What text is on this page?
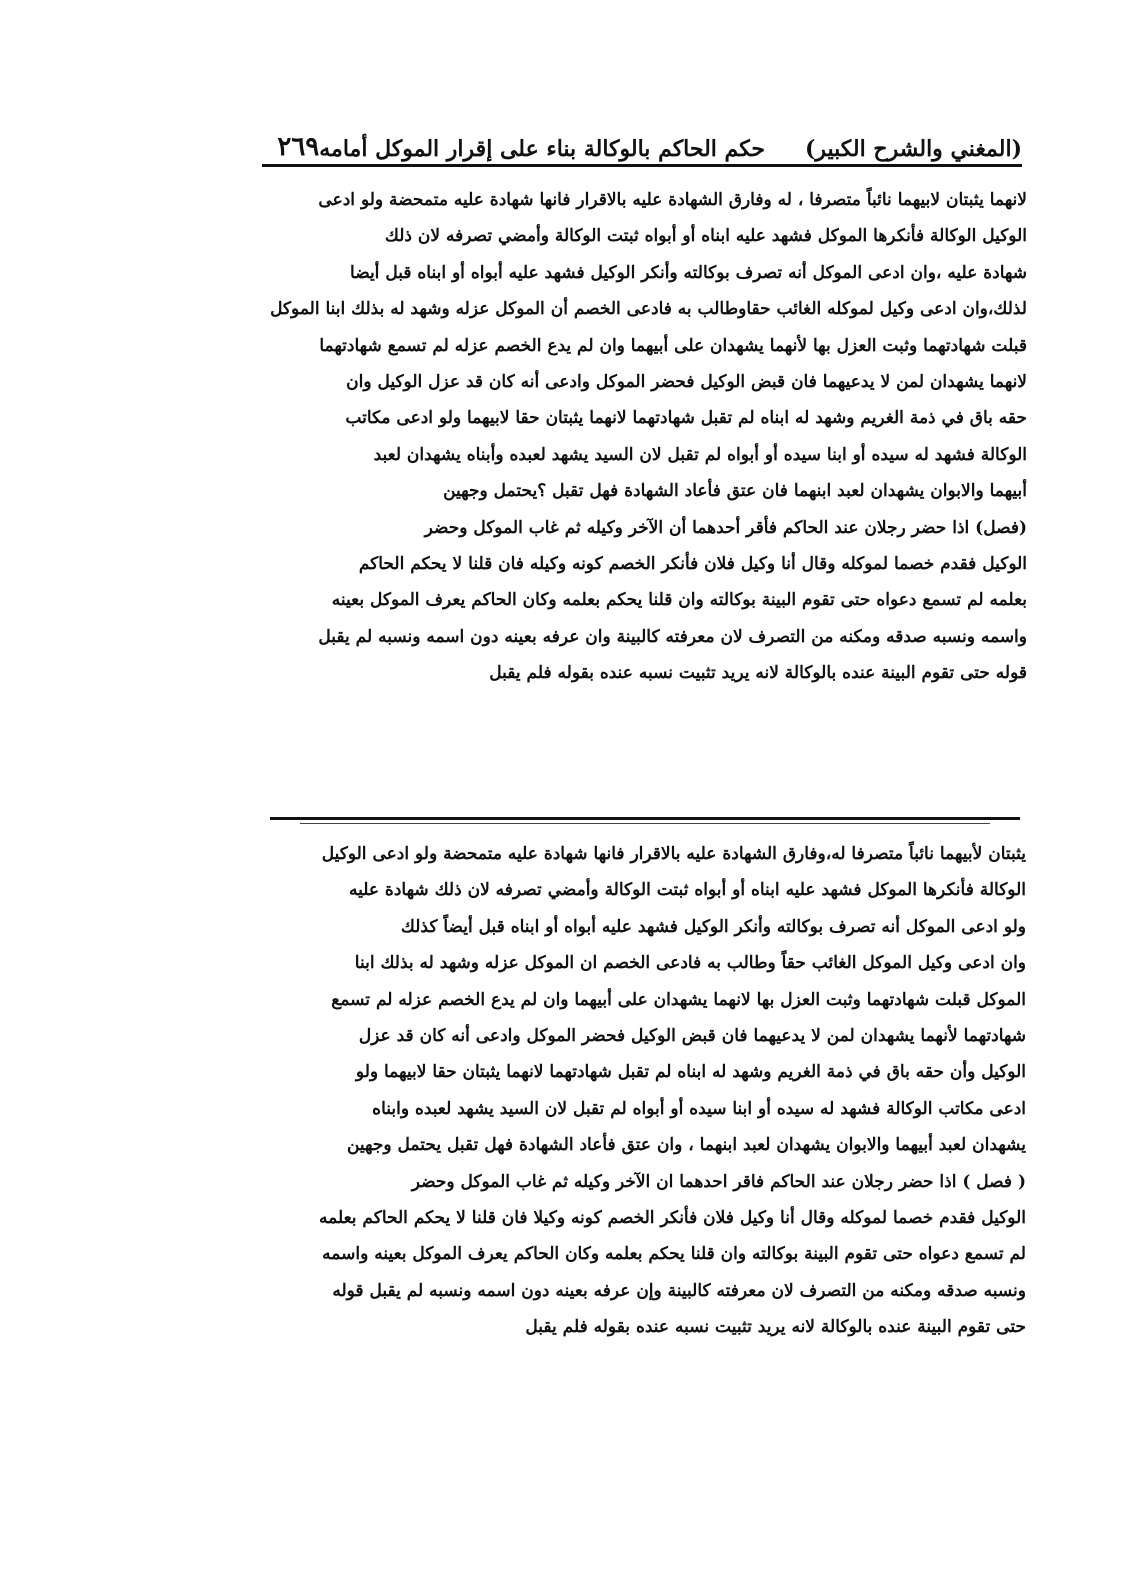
(المغني والشرح الكبير)
حكم الحاكم بالوكالة بناء على إقرار الموكل أمامه
٢٦٩
لانهما يثبتان لابيهما نائباً متصرفا ، له وفارق الشهادة عليه بالاقرار فانها شهادة عليه متمحضة ولو ادعى
الوكيل الوكالة فأنكرها الموكل فشهد عليه ابناه أو أبواه ثبتت الوكالة وأمضي تصرفه لان ذلك
شهادة عليه ،وان ادعى الموكل أنه تصرف بوكالته وأنكر الوكيل فشهد عليه أبواه أو ابناه قبل أيضا
لذلك،وان ادعى وكيل لموكله الغائب حقاوطالب به فادعى الخصم أن الموكل عزله وشهد له بذلك ابنا الموكل
قبلت شهادتهما وثبت العزل بها لأنهما يشهدان على أبيهما وان لم يدع الخصم عزله لم تسمع شهادتهما
لانهما يشهدان لمن لا يدعيهما فان قبض الوكيل فحضر الموكل وادعى أنه كان قد عزل الوكيل وان
حقه باق في ذمة الغريم وشهد له ابناه لم تقبل شهادتهما لانهما يثبتان حقا لابيهما ولو ادعى مكاتب
الوكالة فشهد له سيده أو ابنا سيده أو أبواه لم تقبل لان السيد يشهد لعبده وأبناه يشهدان لعبد
أبيهما والابوان يشهدان لعبد ابنهما فان عتق فأعاد الشهادة فهل تقبل ؟يحتمل وجهين
(فصل) اذا حضر رجلان عند الحاكم فأقر أحدهما أن الآخر وكيله ثم غاب الموكل وحضر
الوكيل فقدم خصما لموكله وقال أنا وكيل فلان فأنكر الخصم كونه وكيله فان قلنا لا يحكم الحاكم
بعلمه لم تسمع دعواه حتى تقوم البينة بوكالته وان قلنا يحكم بعلمه وكان الحاكم يعرف الموكل بعينه
واسمه ونسبه صدقه ومكنه من التصرف لان معرفته كالبينة وان عرفه بعينه دون اسمه ونسبه لم يقبل
قوله حتى تقوم البينة عنده بالوكالة لانه يريد تثبيت نسبه عنده بقوله فلم يقبل
يثبتان لأبيهما نائباً متصرفا له،وفارق الشهادة عليه بالاقرار فانها شهادة عليه متمحضة ولو ادعى الوكيل
الوكالة فأنكرها الموكل فشهد عليه ابناه أو أبواه ثبتت الوكالة وأمضي تصرفه لان ذلك شهادة عليه
ولو ادعى الموكل أنه تصرف بوكالته وأنكر الوكيل فشهد عليه أبواه أو ابناه قبل أيضاً كذلك
وان ادعى وكيل الموكل الغائب حقاً وطالب به فادعى الخصم ان الموكل عزله وشهد له بذلك ابنا
الموكل قبلت شهادتهما وثبت العزل بها لانهما يشهدان على أبيهما وان لم يدع الخصم عزله لم تسمع
شهادتهما لأنهما يشهدان لمن لا يدعيهما فان قبض الوكيل فحضر الموكل وادعى أنه كان قد عزل
الوكيل وأن حقه باق في ذمة الغريم وشهد له ابناه لم تقبل شهادتهما لانهما يثبتان حقا لابيهما ولو
ادعى مكاتب الوكالة فشهد له سيده أو ابنا سيده أو أبواه لم تقبل لان السيد يشهد لعبده وابناه
يشهدان لعبد أبيهما والابوان يشهدان لعبد ابنهما ، وان عتق فأعاد الشهادة فهل تقبل يحتمل وجهين
( فصل ) اذا حضر رجلان عند الحاكم فاقر احدهما ان الآخر وكيله ثم غاب الموكل وحضر
الوكيل فقدم خصما لموكله وقال أنا وكيل فلان فأنكر الخصم كونه وكيلا فان قلنا لا يحكم الحاكم بعلمه
لم تسمع دعواه حتى تقوم البينة بوكالته وان قلنا يحكم بعلمه وكان الحاكم يعرف الموكل بعينه واسمه
ونسبه صدقه ومكنه من التصرف لان معرفته كالبينة وإن عرفه بعينه دون اسمه ونسبه لم يقبل قوله
حتى تقوم البينة عنده بالوكالة لانه يريد تثبيت نسبه عنده بقوله فلم يقبل
